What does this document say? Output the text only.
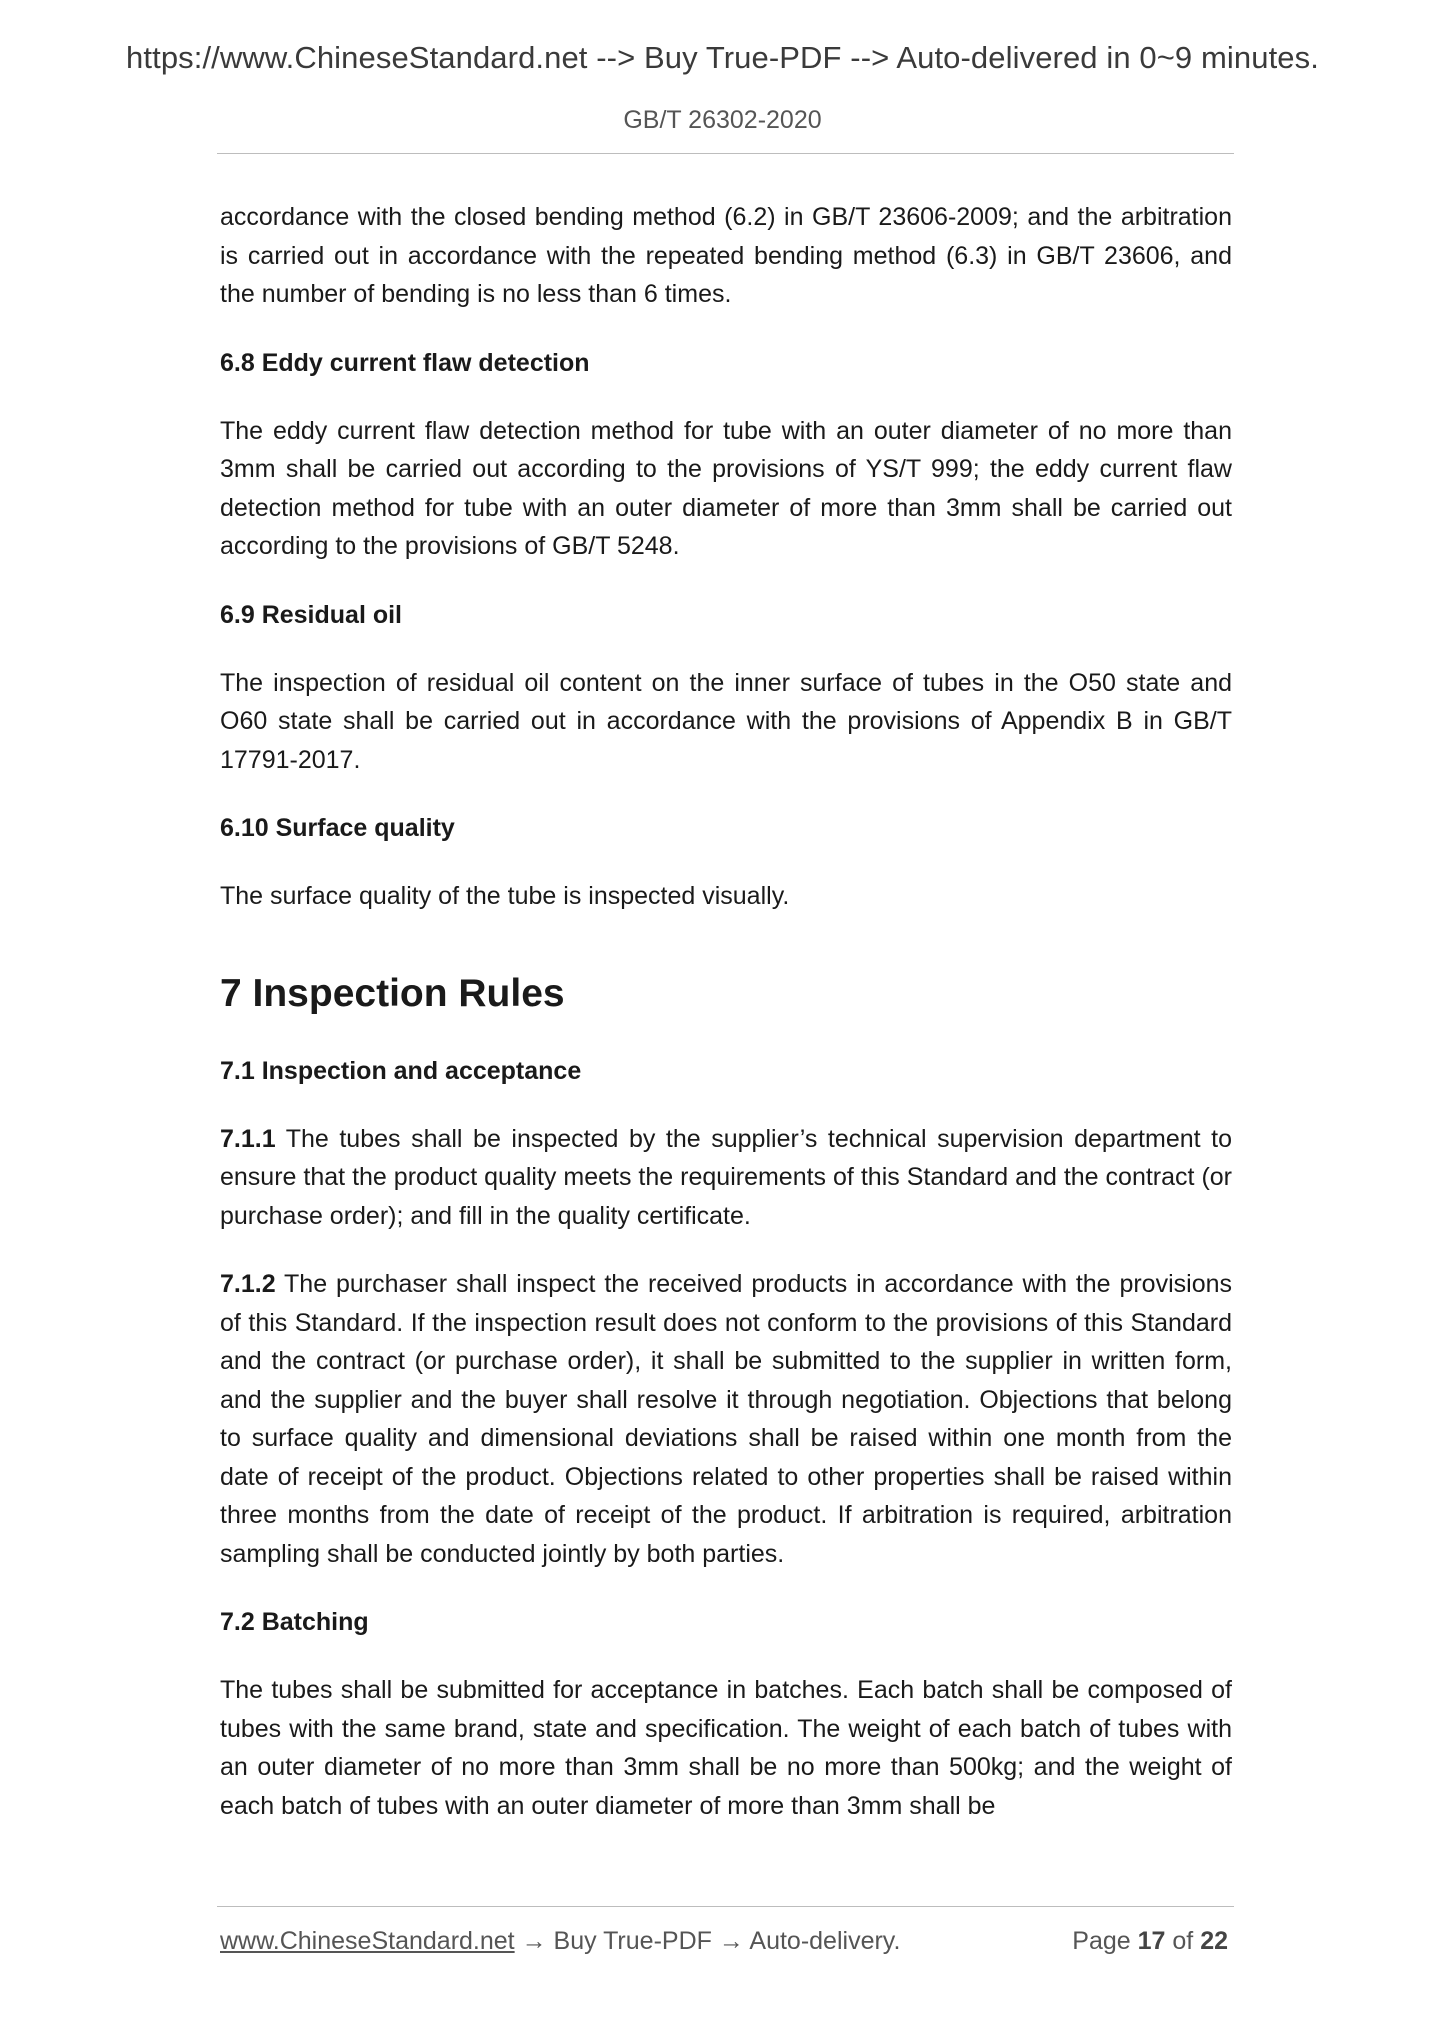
https://www.ChineseStandard.net --> Buy True-PDF --> Auto-delivered in 0~9 minutes.
GB/T 26302-2020

accordance with the closed bending method (6.2) in GB/T 23606-2009; and the arbitration is carried out in accordance with the repeated bending method (6.3) in GB/T 23606, and the number of bending is no less than 6 times.

6.8 Eddy current flaw detection

The eddy current flaw detection method for tube with an outer diameter of no more than 3mm shall be carried out according to the provisions of YS/T 999; the eddy current flaw detection method for tube with an outer diameter of more than 3mm shall be carried out according to the provisions of GB/T 5248.

6.9 Residual oil

The inspection of residual oil content on the inner surface of tubes in the O50 state and O60 state shall be carried out in accordance with the provisions of Appendix B in GB/T 17791-2017.

6.10 Surface quality

The surface quality of the tube is inspected visually.

7 Inspection Rules
7.1 Inspection and acceptance

7.1.1 The tubes shall be inspected by the supplier’s technical supervision department to ensure that the product quality meets the requirements of this Standard and the contract (or purchase order); and fill in the quality certificate.

7.1.2 The purchaser shall inspect the received products in accordance with the provisions of this Standard. If the inspection result does not conform to the provisions of this Standard and the contract (or purchase order), it shall be submitted to the supplier in written form, and the supplier and the buyer shall resolve it through negotiation. Objections that belong to surface quality and dimensional deviations shall be raised within one month from the date of receipt of the product. Objections related to other properties shall be raised within three months from the date of receipt of the product. If arbitration is required, arbitration sampling shall be conducted jointly by both parties.

7.2 Batching

The tubes shall be submitted for acceptance in batches. Each batch shall be composed of tubes with the same brand, state and specification. The weight of each batch of tubes with an outer diameter of no more than 3mm shall be no more than 500kg; and the weight of each batch of tubes with an outer diameter of more than 3mm shall be

www.ChineseStandard.net → Buy True-PDF → Auto-delivery.	Page 17 of 22
